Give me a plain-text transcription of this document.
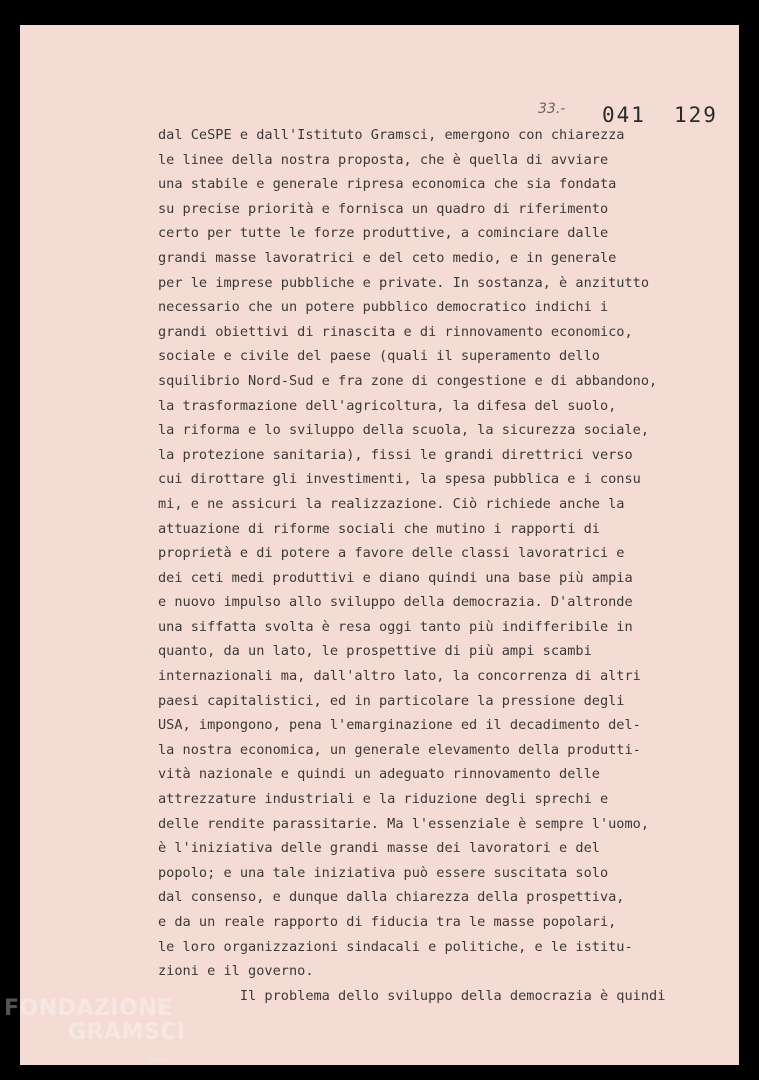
33.- 041 129
dal CeSPE e dall'Istituto Gramsci, emergono con chiarezza
le linee della nostra proposta, che è quella di avviare
una stabile e generale ripresa economica che sia fondata
su precise priorità e fornisca un quadro di riferimento
certo per tutte le forze produttive, a cominciare dalle
grandi masse lavoratrici e del ceto medio, e in generale
per le imprese pubbliche e private. In sostanza, è anzitutto
necessario che un potere pubblico democratico indichi i
grandi obiettivi di rinascita e di rinnovamento economico,
sociale e civile del paese (quali il superamento dello
squilibrio Nord-Sud e fra zone di congestione e di abbandono,
la trasformazione dell'agricoltura, la difesa del suolo,
la riforma e lo sviluppo della scuola, la sicurezza sociale,
la protezione sanitaria), fissi le grandi direttrici verso
cui dirottare gli investimenti, la spesa pubblica e i consu
mi, e ne assicuri la realizzazione. Ciò richiede anche la
attuazione di riforme sociali che mutino i rapporti di
proprietà e di potere a favore delle classi lavoratrici e
dei ceti medi produttivi e diano quindi una base più ampia
e nuovo impulso allo sviluppo della democrazia. D'altronde
una siffatta svolta è resa oggi tanto più indifferibile in
quanto, da un lato, le prospettive di più ampi scambi
internazionali ma, dall'altro lato, la concorrenza di altri
paesi capitalistici, ed in particolare la pressione degli
USA, impongono, pena l'emarginazione ed il decadimento del-
la nostra economica, un generale elevamento della produtti-
vità nazionale e quindi un adeguato rinnovamento delle
attrezzature industriali e la riduzione degli sprechi e
delle rendite parassitarie. Ma l'essenziale è sempre l'uomo,
è l'iniziativa delle grandi masse dei lavoratori e del
popolo; e una tale iniziativa può essere suscitata solo
dal consenso, e dunque dalla chiarezza della prospettiva,
e da un reale rapporto di fiducia tra le masse popolari,
le loro organizzazioni sindacali e politiche, e le istitu-
zioni e il governo.
Il problema dello sviluppo della democrazia è quindi
FONDAZIONE
GRAMSCI
onlus
